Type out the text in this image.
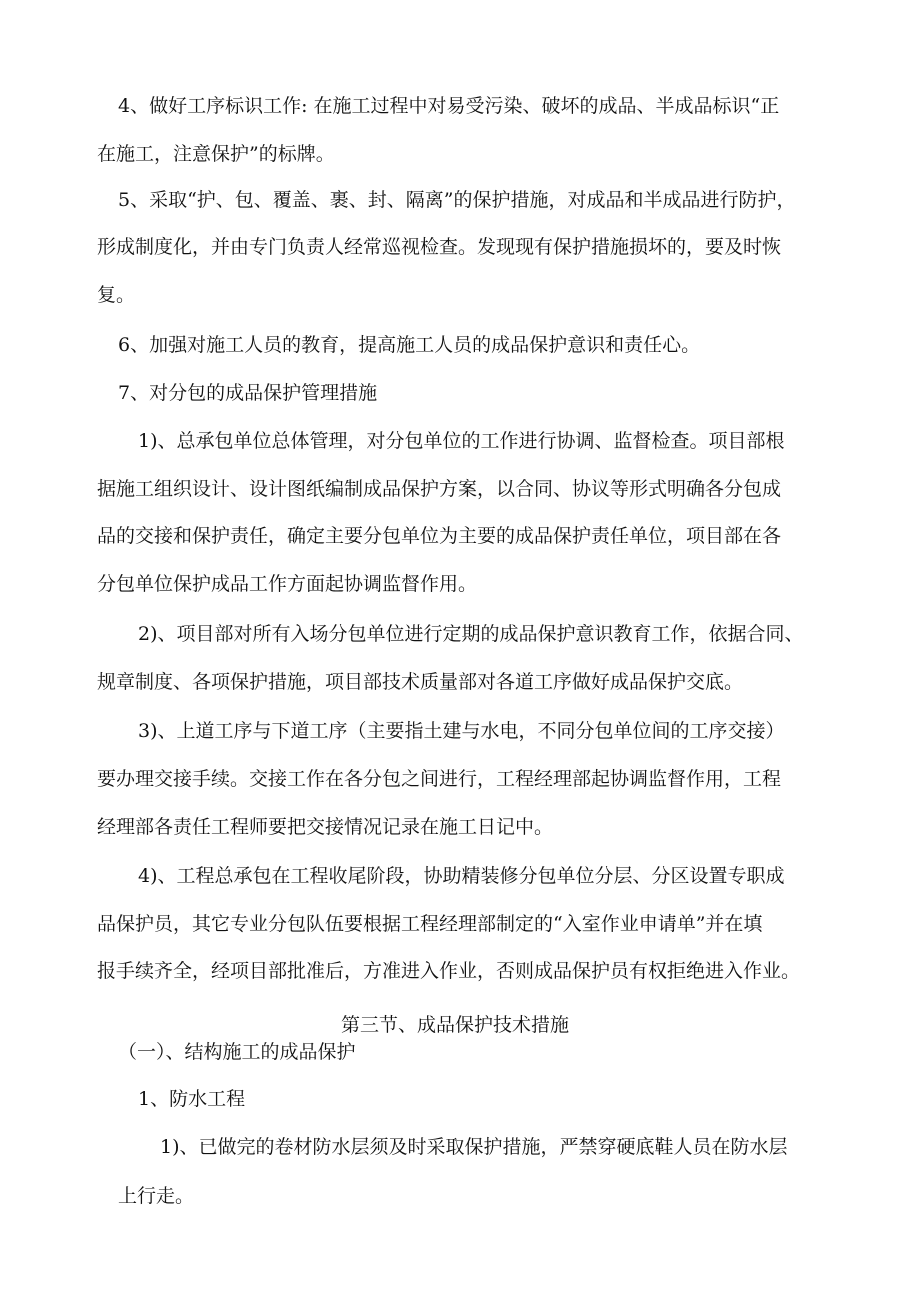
4、做好工序标识工作: 在施工过程中对易受污染、破坏的成品、半成品标识“正
在施工，注意保护”的标牌。
5、采取“护、包、覆盖、裹、封、隔离”的保护措施，对成品和半成品进行防护，
形成制度化，并由专门负责人经常巡视检查。发现现有保护措施损坏的，要及时恢
复。
6、加强对施工人员的教育，提高施工人员的成品保护意识和责任心。
7、对分包的成品保护管理措施
1)、总承包单位总体管理，对分包单位的工作进行协调、监督检查。项目部根
据施工组织设计、设计图纸编制成品保护方案，以合同、协议等形式明确各分包成
品的交接和保护责任，确定主要分包单位为主要的成品保护责任单位，项目部在各
分包单位保护成品工作方面起协调监督作用。
2)、项目部对所有入场分包单位进行定期的成品保护意识教育工作，依据合同、
规章制度、各项保护措施，项目部技术质量部对各道工序做好成品保护交底。
3)、上道工序与下道工序（主要指土建与水电，不同分包单位间的工序交接）
要办理交接手续。交接工作在各分包之间进行，工程经理部起协调监督作用，工程
经理部各责任工程师要把交接情况记录在施工日记中。
4)、工程总承包在工程收尾阶段，协助精装修分包单位分层、分区设置专职成
品保护员，其它专业分包队伍要根据工程经理部制定的“入室作业申请单”并在填
报手续齐全，经项目部批准后，方准进入作业，否则成品保护员有权拒绝进入作业。
第三节、成品保护技术措施
（一）、结构施工的成品保护
1、防水工程
1)、已做完的卷材防水层须及时采取保护措施，严禁穿硬底鞋人员在防水层
上行走。
